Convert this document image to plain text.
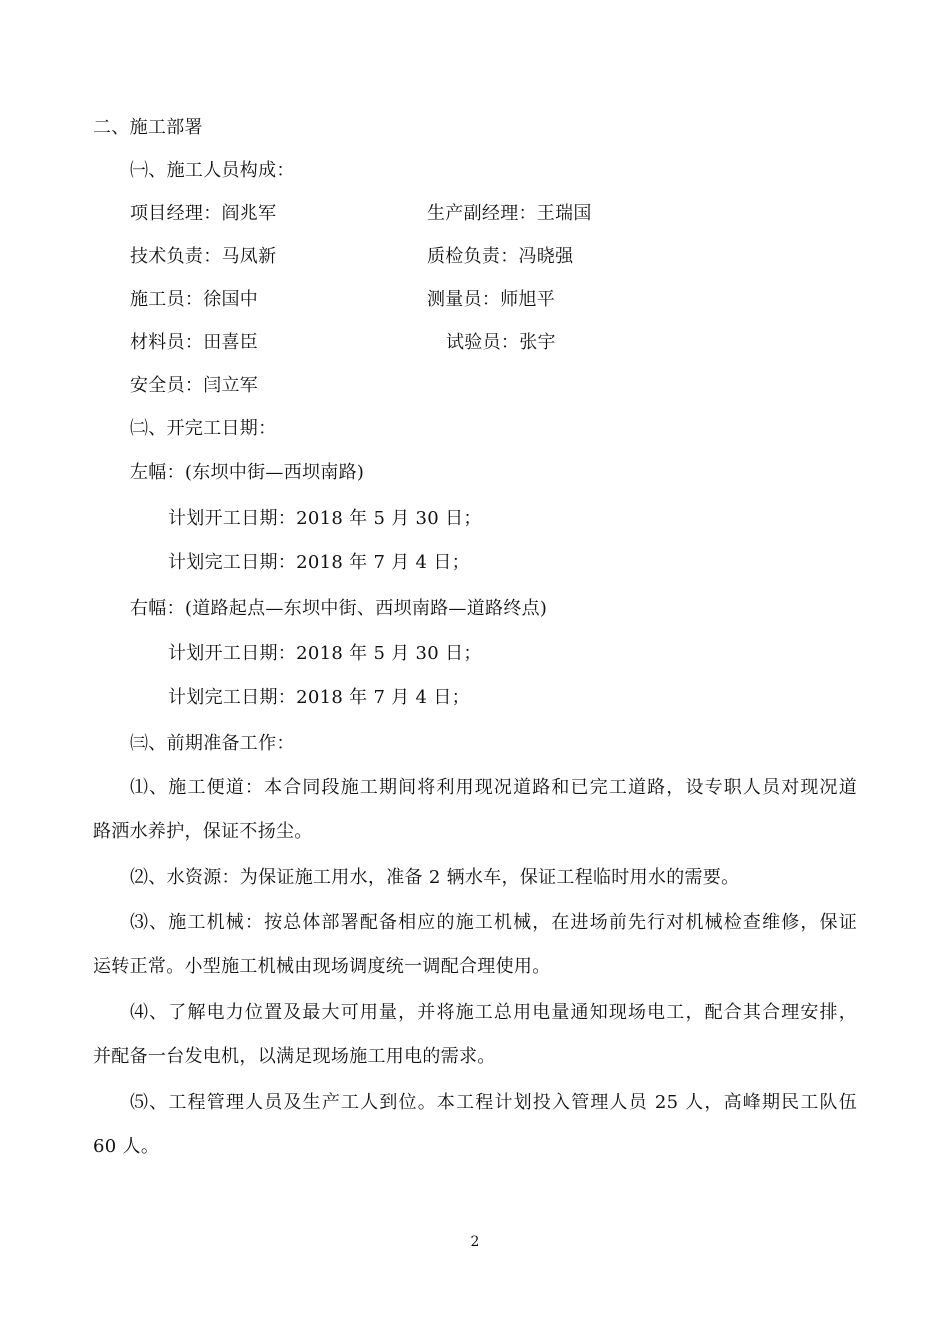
二、施工部署
㈠、施工人员构成：
项目经理：阎兆军	生产副经理：王瑞国
技术负责：马凤新	质检负责：冯晓强
施工员：徐国中	测量员：师旭平
材料员：田喜臣	试验员：张宇
安全员：闫立军
㈡、开完工日期：
左幅：(东坝中街—西坝南路)
计划开工日期：2018 年 5 月 30 日；
计划完工日期：2018 年 7 月 4 日；
右幅：(道路起点—东坝中街、西坝南路—道路终点)
计划开工日期：2018 年 5 月 30 日；
计划完工日期：2018 年 7 月 4 日；
㈢、前期准备工作：
⑴、施工便道：本合同段施工期间将利用现况道路和已完工道路，设专职人员对现况道
路洒水养护，保证不扬尘。
⑵、水资源：为保证施工用水，准备 2 辆水车，保证工程临时用水的需要。
⑶、施工机械：按总体部署配备相应的施工机械，在进场前先行对机械检查维修，保证
运转正常。小型施工机械由现场调度统一调配合理使用。
⑷、了解电力位置及最大可用量，并将施工总用电量通知现场电工，配合其合理安排，
并配备一台发电机，以满足现场施工用电的需求。
⑸、工程管理人员及生产工人到位。本工程计划投入管理人员 25 人，高峰期民工队伍
60 人。
2
